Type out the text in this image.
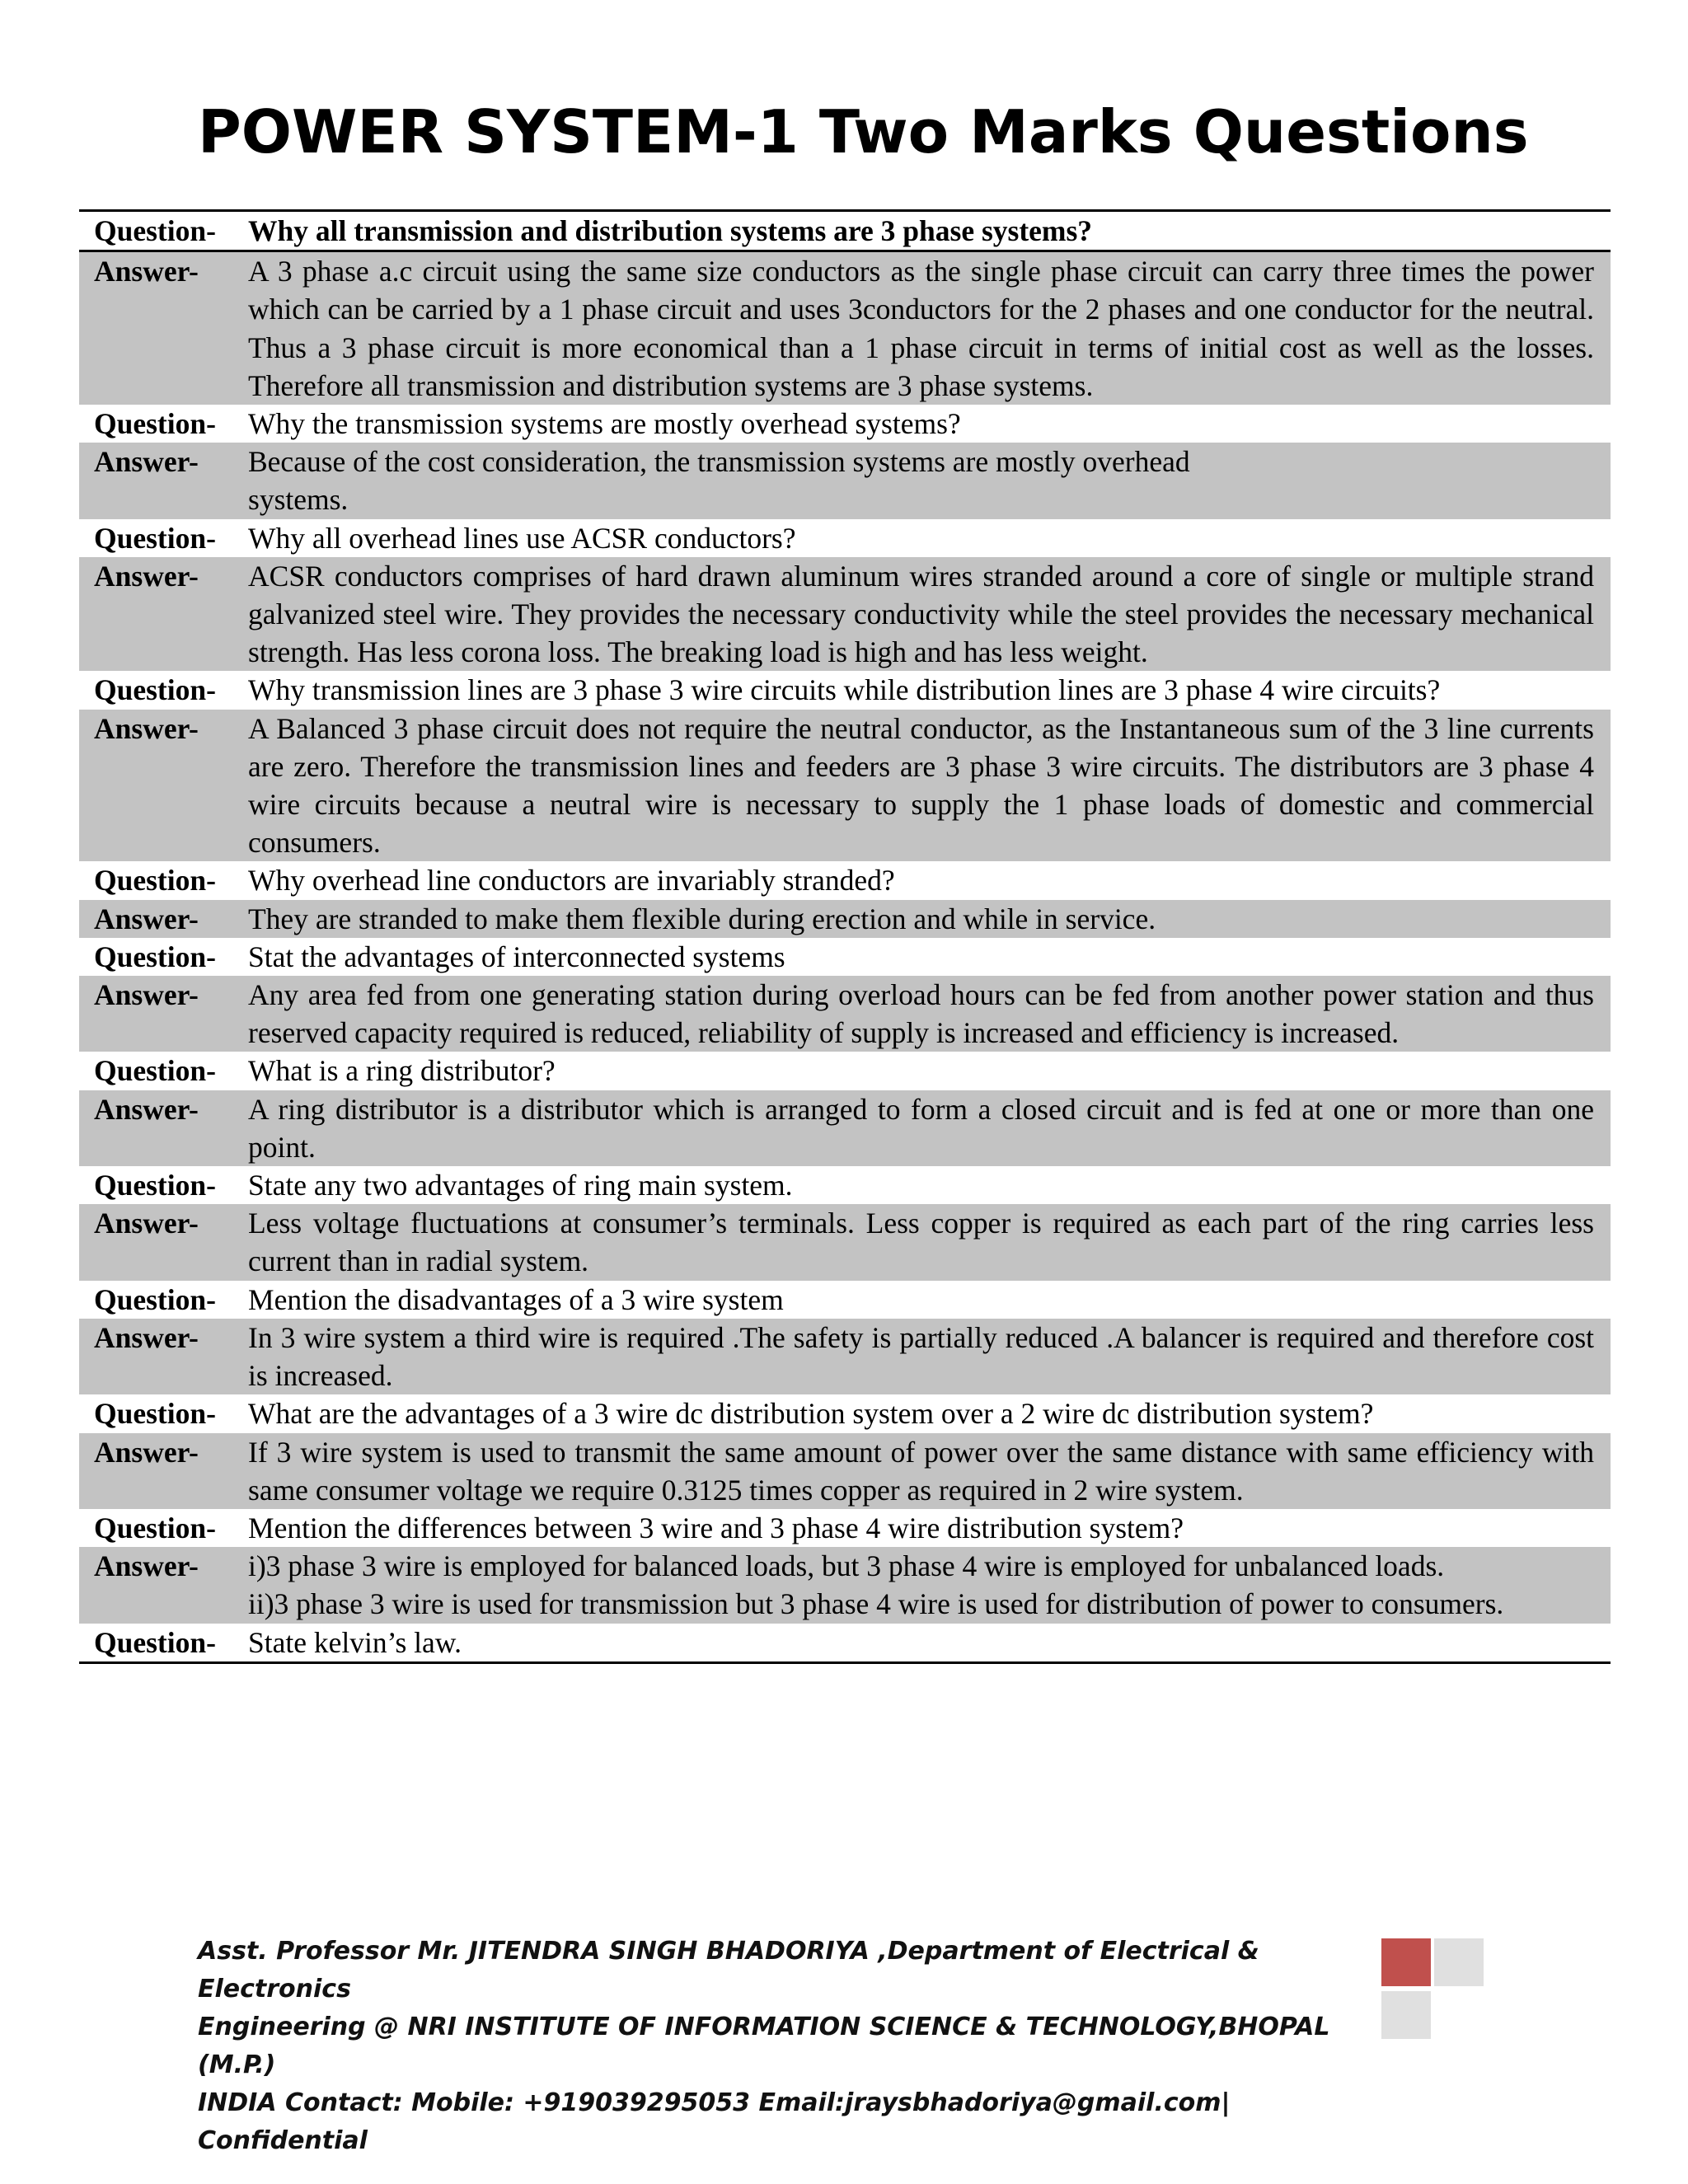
POWER SYSTEM-1 Two Marks Questions
Question-	Why all transmission and distribution systems are 3 phase systems?
Answer-	A 3 phase a.c circuit using the same size conductors as the single phase circuit can carry three times the power which can be carried by a 1 phase circuit and uses 3conductors for the 2 phases and one conductor for the neutral. Thus a 3 phase circuit is more economical than a 1 phase circuit in terms of initial cost as well as the losses. Therefore all transmission and distribution systems are 3 phase systems.
Question-	Why the transmission systems are mostly overhead systems?
Answer-	Because of the cost consideration, the transmission systems are mostly overhead
systems.
Question-	Why all overhead lines use ACSR conductors?
Answer-	ACSR conductors comprises of hard drawn aluminum wires stranded around a core of single or multiple strand galvanized steel wire. They provides the necessary conductivity while the steel provides the necessary mechanical strength. Has less corona loss. The breaking load is high and has less weight.
Question-	Why transmission lines are 3 phase 3 wire circuits while distribution lines are 3 phase 4 wire circuits?
Answer-	A Balanced 3 phase circuit does not require the neutral conductor, as the Instantaneous sum of the 3 line currents are zero. Therefore the transmission lines and feeders are 3 phase 3 wire circuits. The distributors are 3 phase 4 wire circuits because a neutral wire is necessary to supply the 1 phase loads of domestic and commercial consumers.
Question-	Why overhead line conductors are invariably stranded?
Answer-	They are stranded to make them flexible during erection and while in service.
Question-	Stat the advantages of interconnected systems
Answer-	Any area fed from one generating station during overload hours can be fed from another power station and thus reserved capacity required is reduced, reliability of supply is increased and efficiency is increased.
Question-	What is a ring distributor?
Answer-	A ring distributor is a distributor which is arranged to form a closed circuit and is fed at one or more than one point.
Question-	State any two advantages of ring main system.
Answer-	Less voltage fluctuations at consumer’s terminals. Less copper is required as each part of the ring carries less current than in radial system.
Question-	Mention the disadvantages of a 3 wire system
Answer-	In 3 wire system a third wire is required .The safety is partially reduced .A balancer is required and therefore cost is increased.
Question-	What are the advantages of a 3 wire dc distribution system over a 2 wire dc distribution system?
Answer-	If 3 wire system is used to transmit the same amount of power over the same distance with same efficiency with same consumer voltage we require 0.3125 times copper as required in 2 wire system.
Question-	Mention the differences between 3 wire and 3 phase 4 wire distribution system?
Answer-	i)3 phase 3 wire is employed for balanced loads, but 3 phase 4 wire is employed for unbalanced loads.
ii)3 phase 3 wire is used for transmission but 3 phase 4 wire is used for distribution of power to consumers.
Question-	State kelvin’s law.
Asst. Professor Mr. JITENDRA SINGH BHADORIYA ,Department of Electrical & Electronics
Engineering @ NRI INSTITUTE OF INFORMATION SCIENCE & TECHNOLOGY,BHOPAL (M.P.)
INDIA Contact: Mobile: +919039295053 Email:jraysbhadoriya@gmail.com| Confidential
